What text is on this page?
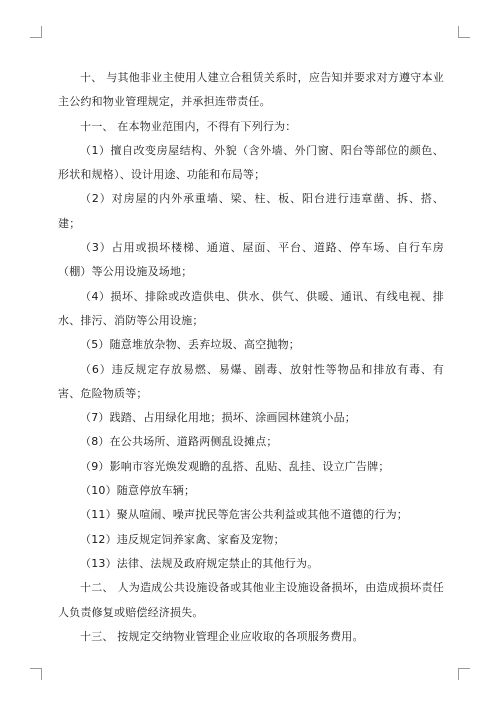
十、 与其他非业主使用人建立合租赁关系时，应告知并要求对方遵守本业主公约和物业管理规定，并承担连带责任。

十一、 在本物业范围内，不得有下列行为：

（1）擅自改变房屋结构、外貌（含外墙、外门窗、阳台等部位的颜色、形状和规格）、设计用途、功能和布局等；

（2）对房屋的内外承重墙、梁、柱、板、阳台进行违章凿、拆、搭、建；

（3）占用或损坏楼梯、通道、屋面、平台、道路、停车场、自行车房（棚）等公用设施及场地；

（4）损坏、排除或改造供电、供水、供气、供暖、通讯、有线电视、排水、排污、消防等公用设施；

（5）随意堆放杂物、丢弃垃圾、高空抛物；

（6）违反规定存放易燃、易爆、剧毒、放射性等物品和排放有毒、有害、危险物质等；

（7）践踏、占用绿化用地；损坏、涂画园林建筑小品；

（8）在公共场所、道路两侧乱设摊点；

（9）影响市容光焕发观瞻的乱搭、乱贴、乱挂、设立广告牌；

（10）随意停放车辆；

（11）聚从喧闹、噪声扰民等危害公共利益或其他不道德的行为；

（12）违反规定饲养家禽、家畜及宠物；

（13）法律、法规及政府规定禁止的其他行为。

十二、 人为造成公共设施设备或其他业主设施设备损坏，由造成损坏责任人负责修复或赔偿经济损失。

十三、 按规定交纳物业管理企业应收取的各项服务费用。
